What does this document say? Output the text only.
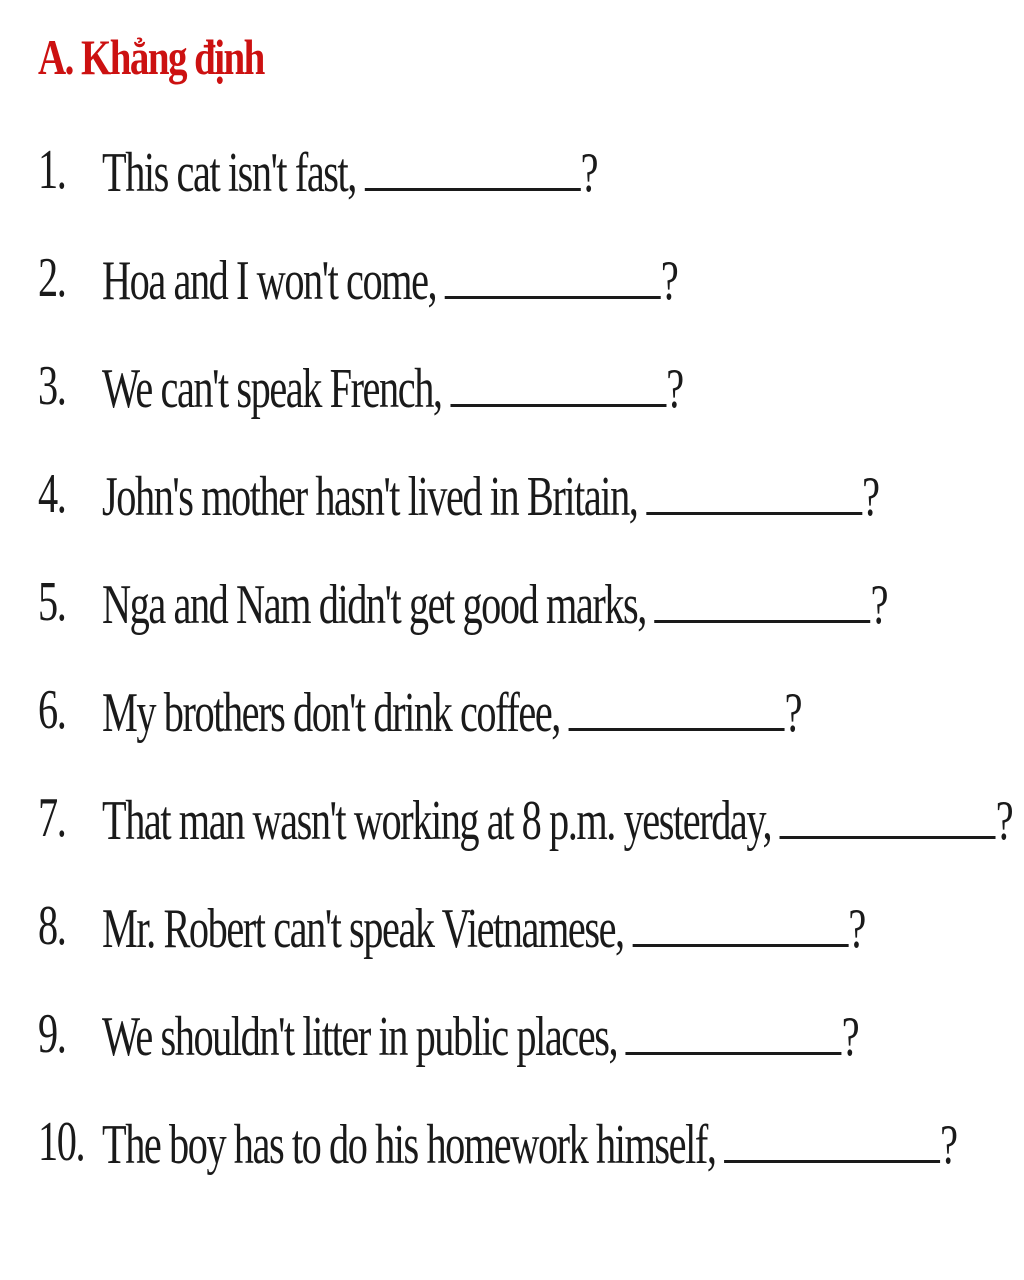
A. Khẳng định
1. This cat isn't fast,	?
2. Hoa and I won't come,	?
3. We can't speak French,	?
4. John's mother hasn't lived in Britain,	?
5. Nga and Nam didn't get good marks,	?
6. My brothers don't drink coffee,	?
7. That man wasn't working at 8 p.m. yesterday,	?
8. Mr. Robert can't speak Vietnamese,	?
9. We shouldn't litter in public places,	?
10. The boy has to do his homework himself,	?
